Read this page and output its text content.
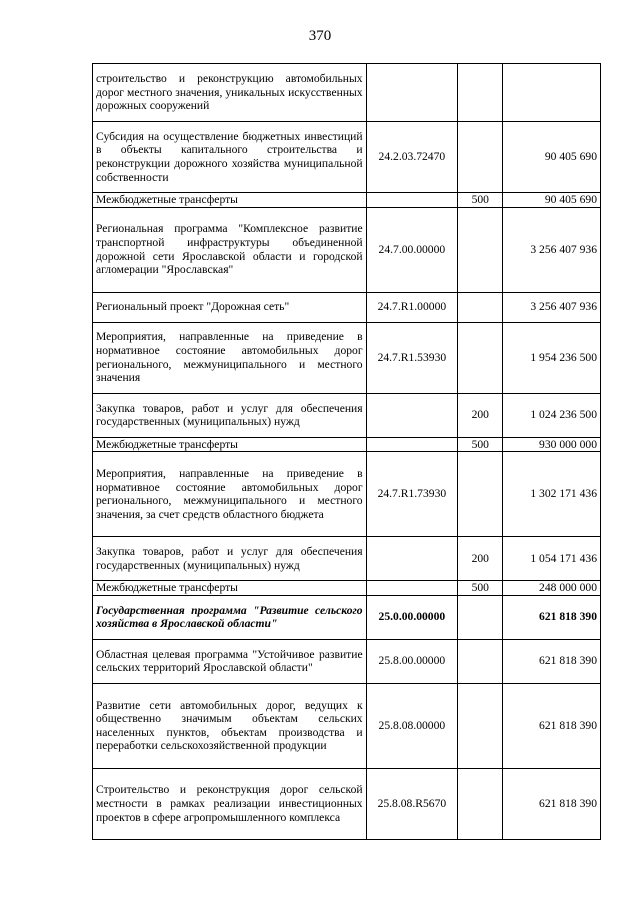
370
строительство и реконструкцию автомобильных дорог местного значения, уникальных искусственных дорожных сооружений			
Субсидия на осуществление бюджетных инвестиций в объекты капитального строительства и реконструкции дорожного хозяйства муниципальной собственности	24.2.03.72470		90 405 690
Межбюджетные трансферты		500	90 405 690
Региональная программа "Комплексное развитие транспортной инфраструктуры объединенной дорожной сети Ярославской области и городской агломерации "Ярославская"	24.7.00.00000		3 256 407 936
Региональный проект "Дорожная сеть"	24.7.R1.00000		3 256 407 936
Мероприятия, направленные на приведение в нормативное состояние автомобильных дорог регионального, межмуниципального и местного значения	24.7.R1.53930		1 954 236 500
Закупка товаров, работ и услуг для обеспечения государственных (муниципальных) нужд		200	1 024 236 500
Межбюджетные трансферты		500	930 000 000
Мероприятия, направленные на приведение в нормативное состояние автомобильных дорог регионального, межмуниципального и местного значения, за счет средств областного бюджета	24.7.R1.73930		1 302 171 436
Закупка товаров, работ и услуг для обеспечения государственных (муниципальных) нужд		200	1 054 171 436
Межбюджетные трансферты		500	248 000 000
Государственная программа "Развитие сельского хозяйства в Ярославской области"	25.0.00.00000		621 818 390
Областная целевая программа "Устойчивое развитие сельских территорий Ярославской области"	25.8.00.00000		621 818 390
Развитие сети автомобильных дорог, ведущих к общественно значимым объектам сельских населенных пунктов, объектам производства и переработки сельскохозяйственной продукции	25.8.08.00000		621 818 390
Строительство и реконструкция дорог сельской местности в рамках реализации инвестиционных проектов в сфере агропромышленного комплекса	25.8.08.R5670		621 818 390
